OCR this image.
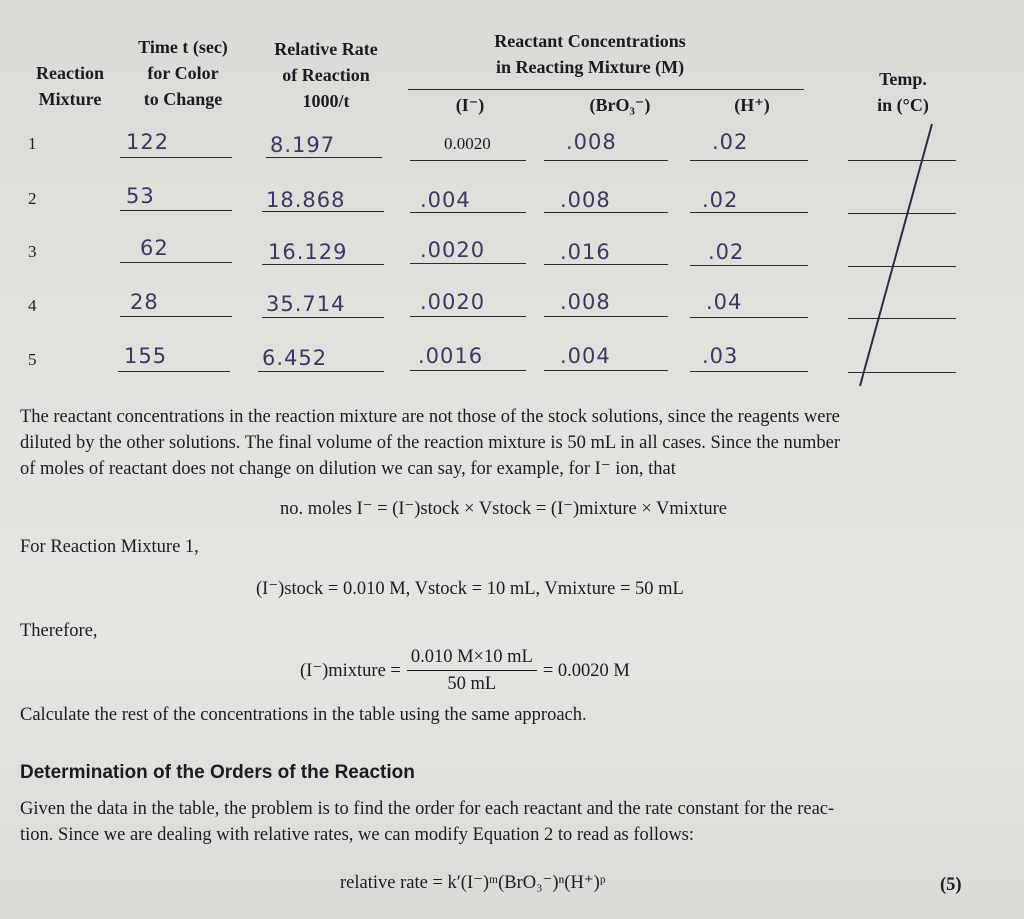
Reaction
Mixture
Time t (sec)
for Color
to Change
Relative Rate
of Reaction
1000/t
Reactant Concentrations
in Reacting Mixture (M)
(I⁻)	(BrO₃⁻)	(H⁺)
Temp.
in (°C)
1	122	8.197	0.0020	.008	.02
2	53	18.868	.004	.008	.02
3	62	16.129	.0020	.016	.02
4	28	35.714	.0020	.008	.04
5	155	6.452	.0016	.004	.03
The reactant concentrations in the reaction mixture are not those of the stock solutions, since the reagents were
diluted by the other solutions. The final volume of the reaction mixture is 50 mL in all cases. Since the number
of moles of reactant does not change on dilution we can say, for example, for I⁻ ion, that
no. moles I⁻ = (I⁻)stock × Vstock = (I⁻)mixture × Vmixture
For Reaction Mixture 1,
(I⁻)stock = 0.010 M, Vstock = 10 mL, Vmixture = 50 mL
Therefore,
(I⁻)mixture = $\frac{0.010 M\times 10 mL}{50 mL} = 0.0020$ M
Calculate the rest of the concentrations in the table using the same approach.
Determination of the Orders of the Reaction
Given the data in the table, the problem is to find the order for each reactant and the rate constant for the reac-
tion. Since we are dealing with relative rates, we can modify Equation 2 to read as follows:
relative rate = k′(I⁻)ᵐ(BrO₃⁻)ⁿ(H⁺)ᵖ	(5)
